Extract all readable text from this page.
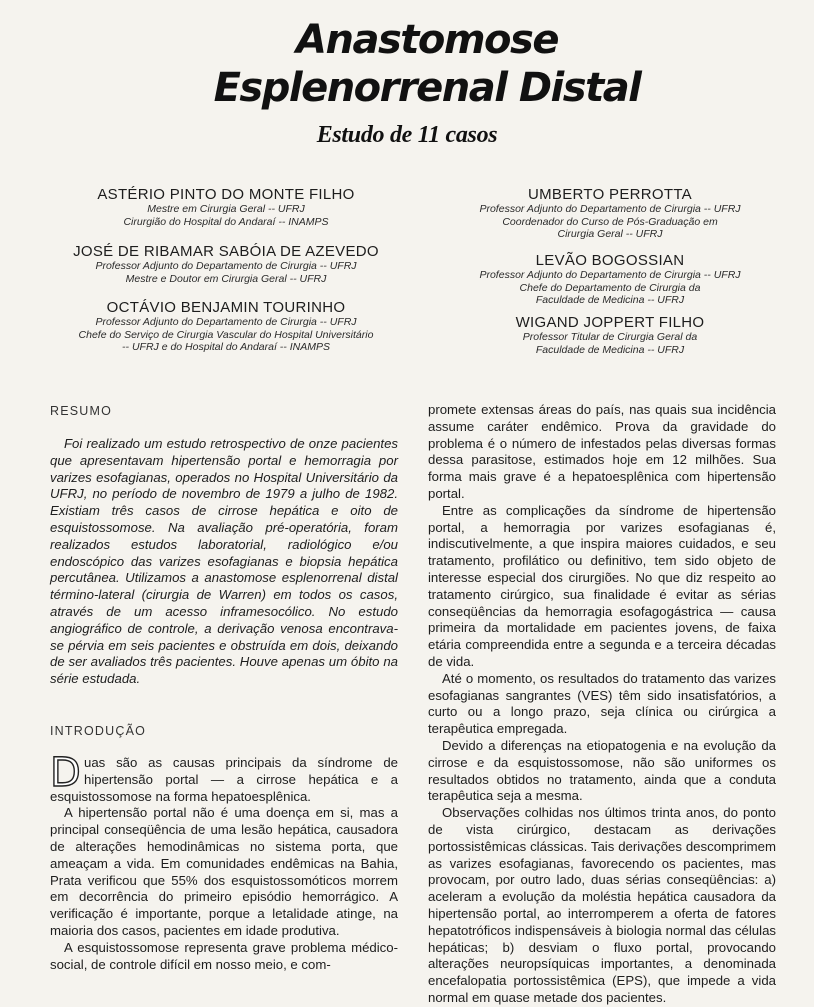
Anastomose
Esplenorrenal Distal
Estudo de 11 casos
ASTÉRIO PINTO DO MONTE FILHO
Mestre em Cirurgia Geral -- UFRJ
Cirurgião do Hospital do Andaraí -- INAMPS
JOSÉ DE RIBAMAR SABÓIA DE AZEVEDO
Professor Adjunto do Departamento de Cirurgia -- UFRJ
Mestre e Doutor em Cirurgia Geral -- UFRJ
OCTÁVIO BENJAMIN TOURINHO
Professor Adjunto do Departamento de Cirurgia -- UFRJ
Chefe do Serviço de Cirurgia Vascular do Hospital Universitário
-- UFRJ e do Hospital do Andaraí -- INAMPS
UMBERTO PERROTTA
Professor Adjunto do Departamento de Cirurgia -- UFRJ
Coordenador do Curso de Pós-Graduação em
Cirurgia Geral -- UFRJ
LEVÃO BOGOSSIAN
Professor Adjunto do Departamento de Cirurgia -- UFRJ
Chefe do Departamento de Cirurgia da
Faculdade de Medicina -- UFRJ
WIGAND JOPPERT FILHO
Professor Titular de Cirurgia Geral da
Faculdade de Medicina -- UFRJ
RESUMO

Foi realizado um estudo retrospectivo de onze pacientes que apresentavam hipertensão portal e hemorragia por varizes esofagianas, operados no Hospital Universitário da UFRJ, no período de novembro de 1979 a julho de 1982. Existiam três casos de cirrose hepática e oito de esquistossomose. Na avaliação pré-operatória, foram realizados estudos laboratorial, radiológico e/ou endoscópico das varizes esofagianas e biopsia hepática percutânea. Utilizamos a anastomose esplenorrenal distal término-lateral (cirurgia de Warren) em todos os casos, através de um acesso inframesocólico. No estudo angiográfico de controle, a derivação venosa encontrava-se pérvia em seis pacientes e obstruída em dois, deixando de ser avaliados três pacientes. Houve apenas um óbito na série estudada.

INTRODUÇÃO

Duas são as causas principais da síndrome de hipertensão portal — a cirrose hepática e a esquistossomose na forma hepatoesplênica.

A hipertensão portal não é uma doença em si, mas a principal conseqüência de uma lesão hepática, causadora de alterações hemodinâmicas no sistema porta, que ameaçam a vida. Em comunidades endêmicas na Bahia, Prata verificou que 55% dos esquistossomóticos morrem em decorrência do primeiro episódio hemorrágico. A verificação é importante, porque a letalidade atinge, na maioria dos casos, pacientes em idade produtiva.

A esquistossomose representa grave problema médico-social, de controle difícil em nosso meio, e com-

promete extensas áreas do país, nas quais sua incidência assume caráter endêmico. Prova da gravidade do problema é o número de infestados pelas diversas formas dessa parasitose, estimados hoje em 12 milhões. Sua forma mais grave é a hepatoesplênica com hipertensão portal.

Entre as complicações da síndrome de hipertensão portal, a hemorragia por varizes esofagianas é, indiscutivelmente, a que inspira maiores cuidados, e seu tratamento, profilático ou definitivo, tem sido objeto de interesse especial dos cirurgiões. No que diz respeito ao tratamento cirúrgico, sua finalidade é evitar as sérias conseqüências da hemorragia esofagogástrica — causa primeira da mortalidade em pacientes jovens, de faixa etária compreendida entre a segunda e a terceira décadas de vida.

Até o momento, os resultados do tratamento das varizes esofagianas sangrantes (VES) têm sido insatisfatórios, a curto ou a longo prazo, seja clínica ou cirúrgica a terapêutica empregada.

Devido a diferenças na etiopatogenia e na evolução da cirrose e da esquistossomose, não são uniformes os resultados obtidos no tratamento, ainda que a conduta terapêutica seja a mesma.

Observações colhidas nos últimos trinta anos, do ponto de vista cirúrgico, destacam as derivações portossistêmicas clássicas. Tais derivações descomprimem as varizes esofagianas, favorecendo os pacientes, mas provocam, por outro lado, duas sérias conseqüências: a) aceleram a evolução da moléstia hepática causadora da hipertensão portal, ao interromperem a oferta de fatores hepatotróficos indispensáveis à biologia normal das células hepáticas; b) desviam o fluxo portal, provocando alterações neuropsíquicas importantes, a denominada encefalopatia portossistêmica (EPS), que impede a vida normal em quase metade dos pacientes.
